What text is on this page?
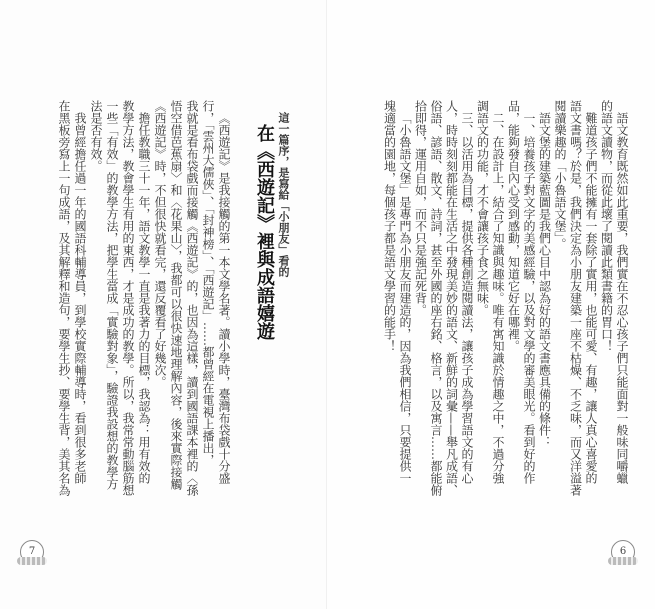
這一篇序，是寫給「小朋友」看的
在《西遊記》裡與成語嬉遊
《西遊記》是我接觸的第一本文學名著。讀小學時，臺灣布袋戲十分盛
行，「雲州大儒俠」、「封神榜」、「西遊記」……都曾經在電視上播出，
我就是看布袋戲而接觸《西遊記》的，也因為這樣，讀到國語課本裡的〈孫
悟空借芭蕉扇〉和〈花果山〉，我都可以很快速地理解內容，後來實際接觸
《西遊記》時，不但很快就看完，還反覆看了好幾次。
擔任教職三十一年，語文教學一直是我著力的目標，我認為：用有效的
教學方法，教會學生有用的東西，才是成功的教學。所以，我常常動腦筋想
一些「有效」的教學方法，把學生當成「實驗對象」，驗證我設想的教學方
法是否有效。
我曾經擔任過一年的國語科輔導員，到學校實際輔導時，看到很多老師
在黑板旁寫上一句成語，及其解釋和造句，要學生抄、要學生背，美其名為
7
語文教育既然如此重要，我們實在不忍心孩子們只能面對一般味同嚼蠟
的語文讀物，而從此壞了閱讀此類書籍的胃口！
難道孩子們不能擁有一套除了實用，也能可愛、有趣，讓人真心喜愛的
語文書嗎？於是，我們決定為小朋友建築一座不枯燥、不乏味，而又洋溢著
閱讀樂趣的「小魯語文堡」。
語文堡的建築藍圖是我們心目中認為好的語文書應具備的條件：
一、培養孩子對文字的美感經驗，以及對文學的審美眼光。看到好的作
品，能夠發自內心受到感動，知道它好在哪裡。
二、在設計上，結合了知識與趣味。唯有寓知識於情趣之中，不過分強
調語文的功能，才不會讓孩子食之無味。
三、以活用為目標，提供各種創造閱讀法，讓孩子成為學習語文的有心
人，時時刻刻都能在生活之中發現美妙的語文、新鮮的詞彙——舉凡成語、
俗語、諺語、散文、詩詞，甚至外國的座右銘、格言，以及寓言……都能俯
拾即得，運用自如，而不只是強記死背。
「小魯語文堡」是專門為小朋友而建造的，因為我們相信，只要提供一
塊適當的園地，每個孩子都是語文學習的能手！
6
